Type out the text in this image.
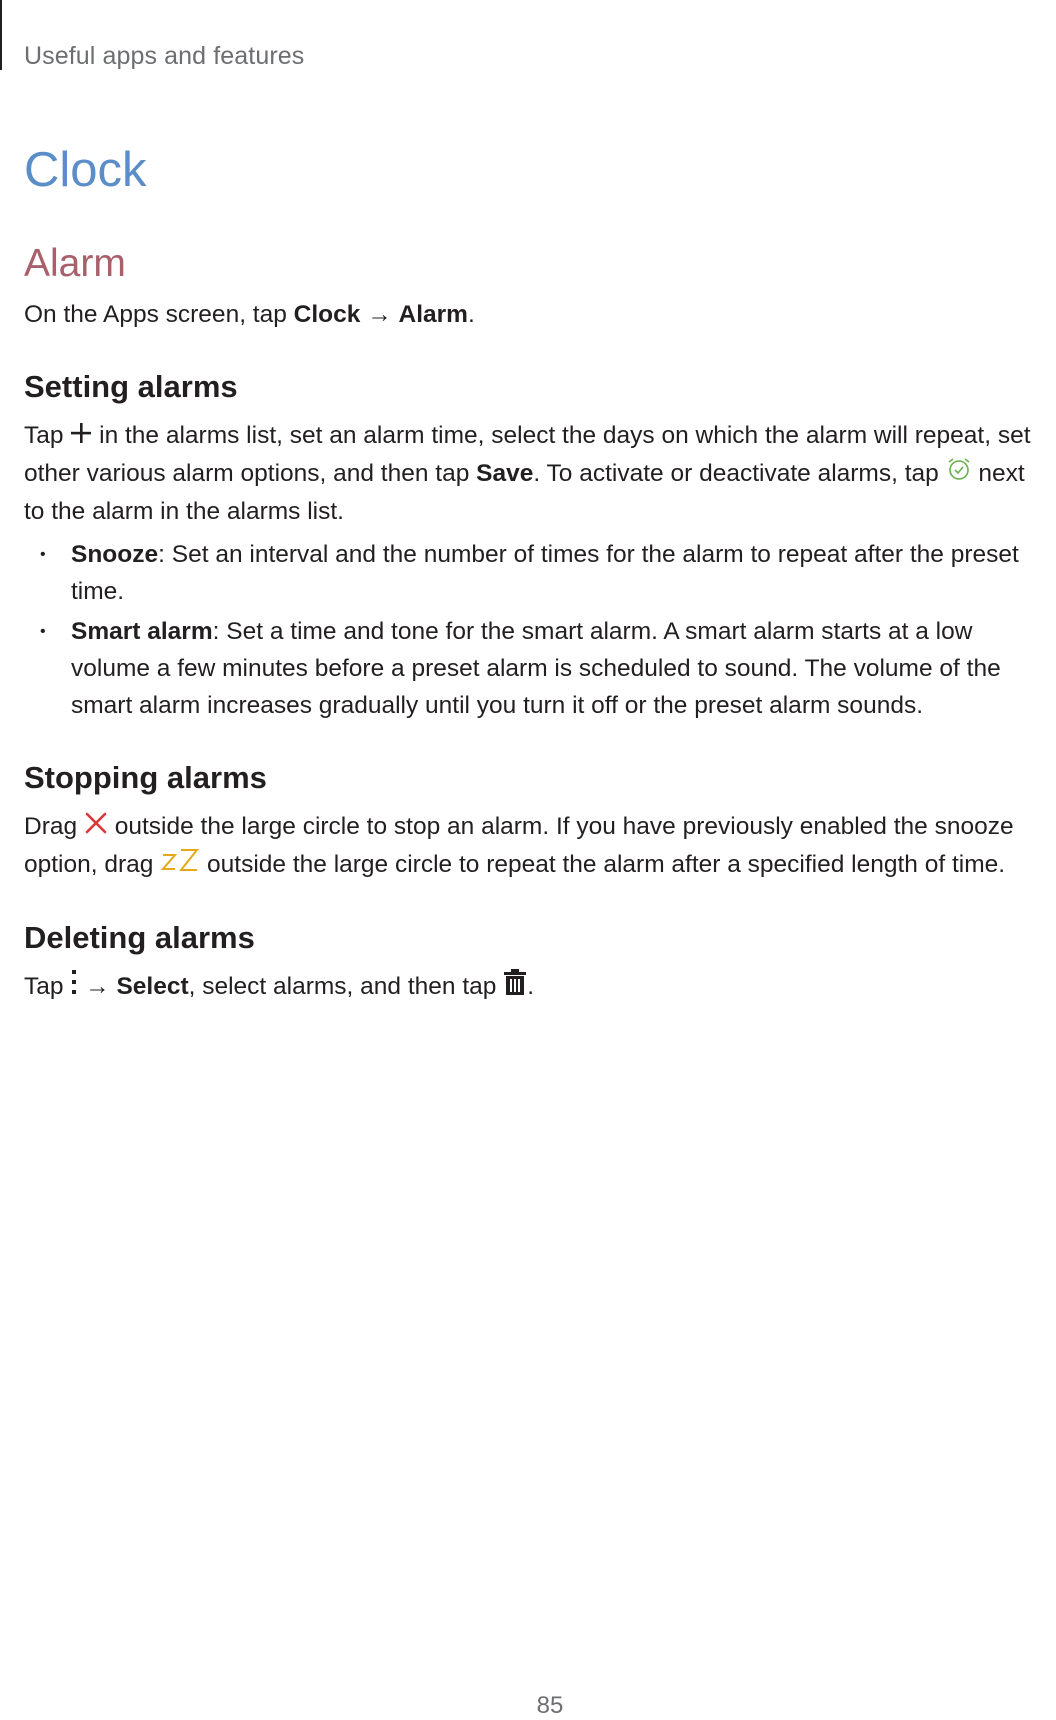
Useful apps and features
Clock
Alarm

On the Apps screen, tap Clock → Alarm.

Setting alarms

Tap  in the alarms list, set an alarm time, select the days on which the alarm will repeat, set other various alarm options, and then tap Save. To activate or deactivate alarms, tap  next to the alarm in the alarms list.

• Snooze: Set an interval and the number of times for the alarm to repeat after the preset time.
• Smart alarm: Set a time and tone for the smart alarm. A smart alarm starts at a low volume a few minutes before a preset alarm is scheduled to sound. The volume of the smart alarm increases gradually until you turn it off or the preset alarm sounds.
Stopping alarms

Drag  outside the large circle to stop an alarm. If you have previously enabled the snooze option, drag  outside the large circle to repeat the alarm after a specified length of time.

Deleting alarms

Tap  → Select, select alarms, and then tap .

85
